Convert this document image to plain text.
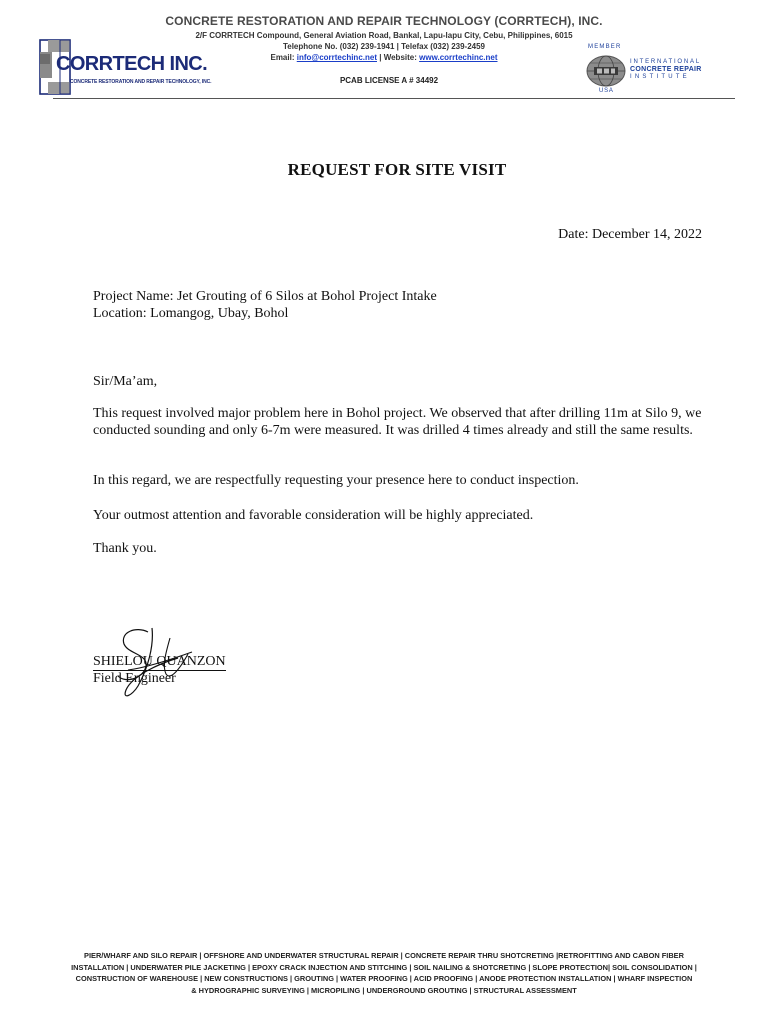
CONCRETE RESTORATION AND REPAIR TECHNOLOGY (CORRTECH), INC.
2/F CORRTECH Compound, General Aviation Road, Bankal, Lapu-lapu City, Cebu, Philippines, 6015
Telephone No. (032) 239-1941 | Telefax (032) 239-2459
Email: info@corrtechinc.net | Website: www.corrtechinc.net
PCAB LICENSE A # 34492
CORRTECH INC.
CONCRETE RESTORATION AND REPAIR TECHNOLOGY, INC.
MEMBER
INTERNATIONAL
CONCRETE REPAIR
INSTITUTE
USA
REQUEST FOR SITE VISIT
Date: December 14, 2022
Project Name: Jet Grouting of 6 Silos at Bohol Project Intake
Location: Lomangog, Ubay, Bohol
Sir/Ma’am,
This request involved major problem here in Bohol project. We observed that after drilling 11m at Silo 9, we conducted sounding and only 6-7m were measured. It was drilled 4 times already and still the same results.
In this regard, we are respectfully requesting your presence here to conduct inspection.
Your outmost attention and favorable consideration will be highly appreciated.
Thank you.
SHIELOU QUANZON
Field Engineer
PIER/WHARF AND SILO REPAIR | OFFSHORE AND UNDERWATER STRUCTURAL REPAIR | CONCRETE REPAIR THRU SHOTCRETING |RETROFITTING AND CABON FIBER
INSTALLATION | UNDERWATER PILE JACKETING | EPOXY CRACK INJECTION AND STITCHING | SOIL NAILING & SHOTCRETING | SLOPE PROTECTION| SOIL CONSOLIDATION |
CONSTRUCTION OF WAREHOUSE | NEW CONSTRUCTIONS | GROUTING | WATER PROOFING | ACID PROOFING | ANODE PROTECTION INSTALLATION | WHARF INSPECTION
& HYDROGRAPHIC SURVEYING | MICROPILING | UNDERGROUND GROUTING | STRUCTURAL ASSESSMENT
